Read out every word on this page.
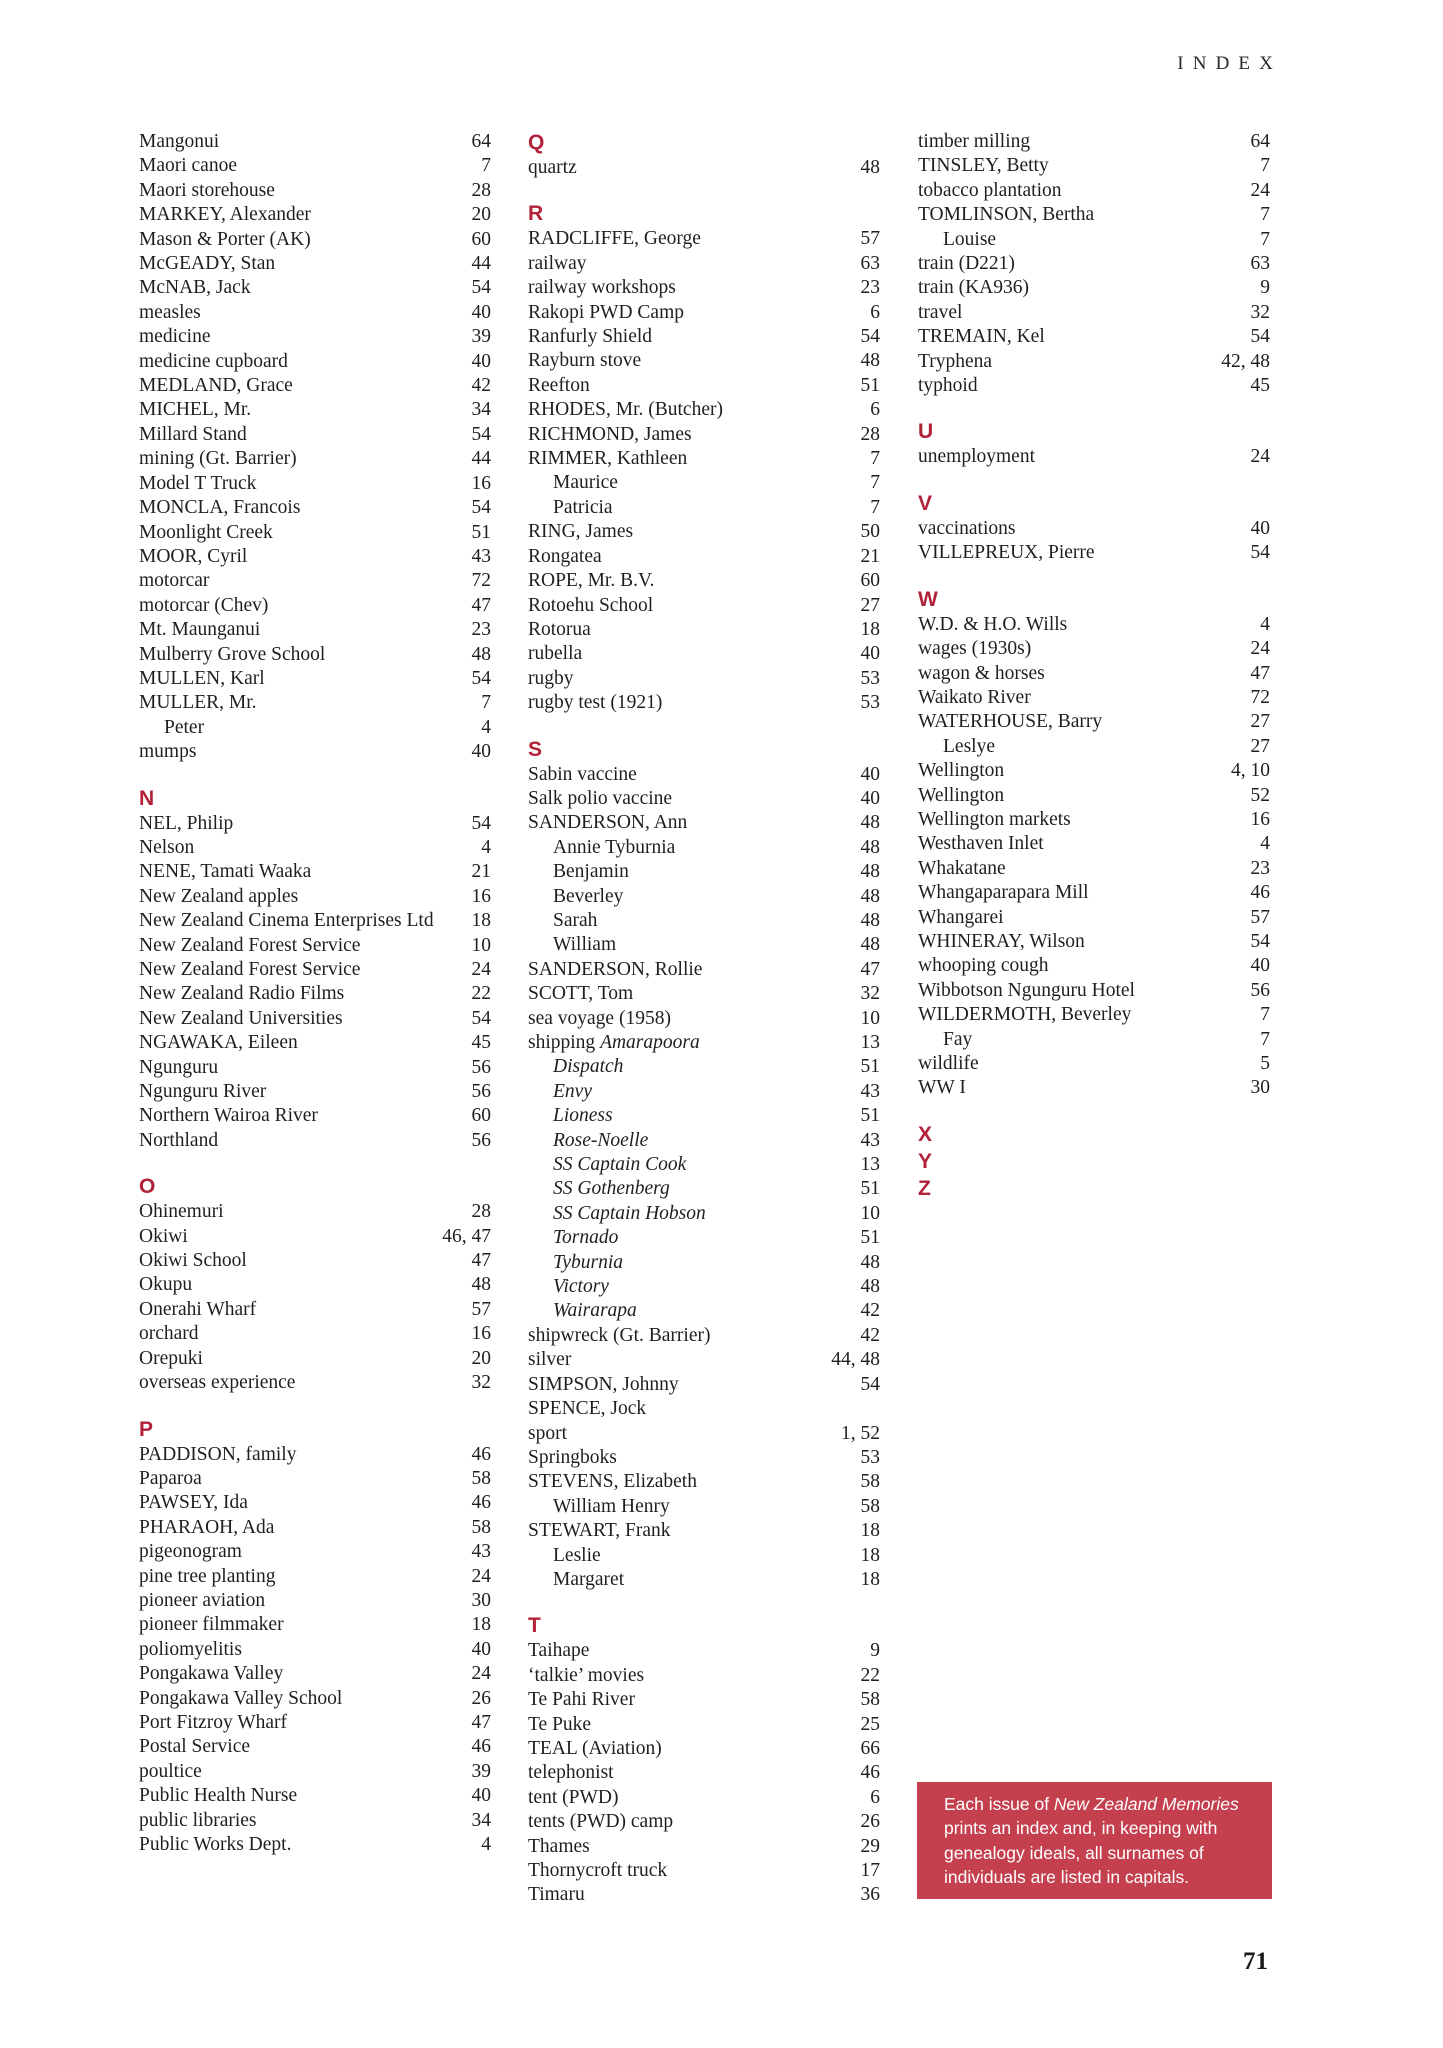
INDEX
Mangonui	64
Maori canoe	7
Maori storehouse	28
MARKEY, Alexander	20
Mason & Porter (AK)	60
McGEADY, Stan	44
McNAB, Jack	54
measles	40
medicine	39
medicine cupboard	40
MEDLAND, Grace	42
MICHEL, Mr.	34
Millard Stand	54
mining (Gt. Barrier)	44
Model T Truck	16
MONCLA, Francois	54
Moonlight Creek	51
MOOR, Cyril	43
motorcar	72
motorcar (Chev)	47
Mt. Maunganui	23
Mulberry Grove School	48
MULLEN, Karl	54
MULLER, Mr.	7
Peter	4
mumps	40
N
NEL, Philip	54
Nelson	4
NENE, Tamati Waaka	21
New Zealand apples	16
New Zealand Cinema Enterprises Ltd	18
New Zealand Forest Service	10
New Zealand Forest Service	24
New Zealand Radio Films	22
New Zealand Universities	54
NGAWAKA, Eileen	45
Ngunguru	56
Ngunguru River	56
Northern Wairoa River	60
Northland	56
O
Ohinemuri	28
Okiwi	46, 47
Okiwi School	47
Okupu	48
Onerahi Wharf	57
orchard	16
Orepuki	20
overseas experience	32
P
PADDISON, family	46
Paparoa	58
PAWSEY, Ida	46
PHARAOH, Ada	58
pigeonogram	43
pine tree planting	24
pioneer aviation	30
pioneer filmmaker	18
poliomyelitis	40
Pongakawa Valley	24
Pongakawa Valley School	26
Port Fitzroy Wharf	47
Postal Service	46
poultice	39
Public Health Nurse	40
public libraries	34
Public Works Dept.	4
Q
quartz	48
R
RADCLIFFE, George	57
railway	63
railway workshops	23
Rakopi PWD Camp	6
Ranfurly Shield	54
Rayburn stove	48
Reefton	51
RHODES, Mr. (Butcher)	6
RICHMOND, James	28
RIMMER, Kathleen	7
Maurice	7
Patricia	7
RING, James	50
Rongatea	21
ROPE, Mr. B.V.	60
Rotoehu School	27
Rotorua	18
rubella	40
rugby	53
rugby test (1921)	53
S
Sabin vaccine	40
Salk polio vaccine	40
SANDERSON, Ann	48
Annie Tyburnia	48
Benjamin	48
Beverley	48
Sarah	48
William	48
SANDERSON, Rollie	47
SCOTT, Tom	32
sea voyage (1958)	10
shipping Amarapoora	13
Dispatch	51
Envy	43
Lioness	51
Rose-Noelle	43
SS Captain Cook	13
SS Gothenberg	51
SS Captain Hobson	10
Tornado	51
Tyburnia	48
Victory	48
Wairarapa	42
shipwreck (Gt. Barrier)	42
silver	44, 48
SIMPSON, Johnny	54
SPENCE, Jock
sport	1, 52
Springboks	53
STEVENS, Elizabeth	58
William Henry	58
STEWART, Frank	18
Leslie	18
Margaret	18
T
Taihape	9
‘talkie’ movies	22
Te Pahi River	58
Te Puke	25
TEAL (Aviation)	66
telephonist	46
tent (PWD)	6
tents (PWD) camp	26
Thames	29
Thornycroft truck	17
Timaru	36
timber milling	64
TINSLEY, Betty	7
tobacco plantation	24
TOMLINSON, Bertha	7
Louise	7
train (D221)	63
train (KA936)	9
travel	32
TREMAIN, Kel	54
Tryphena	42, 48
typhoid	45
U
unemployment	24
V
vaccinations	40
VILLEPREUX, Pierre	54
W
W.D. & H.O. Wills	4
wages (1930s)	24
wagon & horses	47
Waikato River	72
WATERHOUSE, Barry	27
Leslye	27
Wellington	4, 10
Wellington	52
Wellington markets	16
Westhaven Inlet	4
Whakatane	23
Whangaparapara Mill	46
Whangarei	57
WHINERAY, Wilson	54
whooping cough	40
Wibbotson Ngunguru Hotel	56
WILDERMOTH, Beverley	7
Fay	7
wildlife	5
WW I	30
X
Y
Z
Each issue of New Zealand Memories
prints an index and, in keeping with
genealogy ideals, all surnames of
individuals are listed in capitals.
71
